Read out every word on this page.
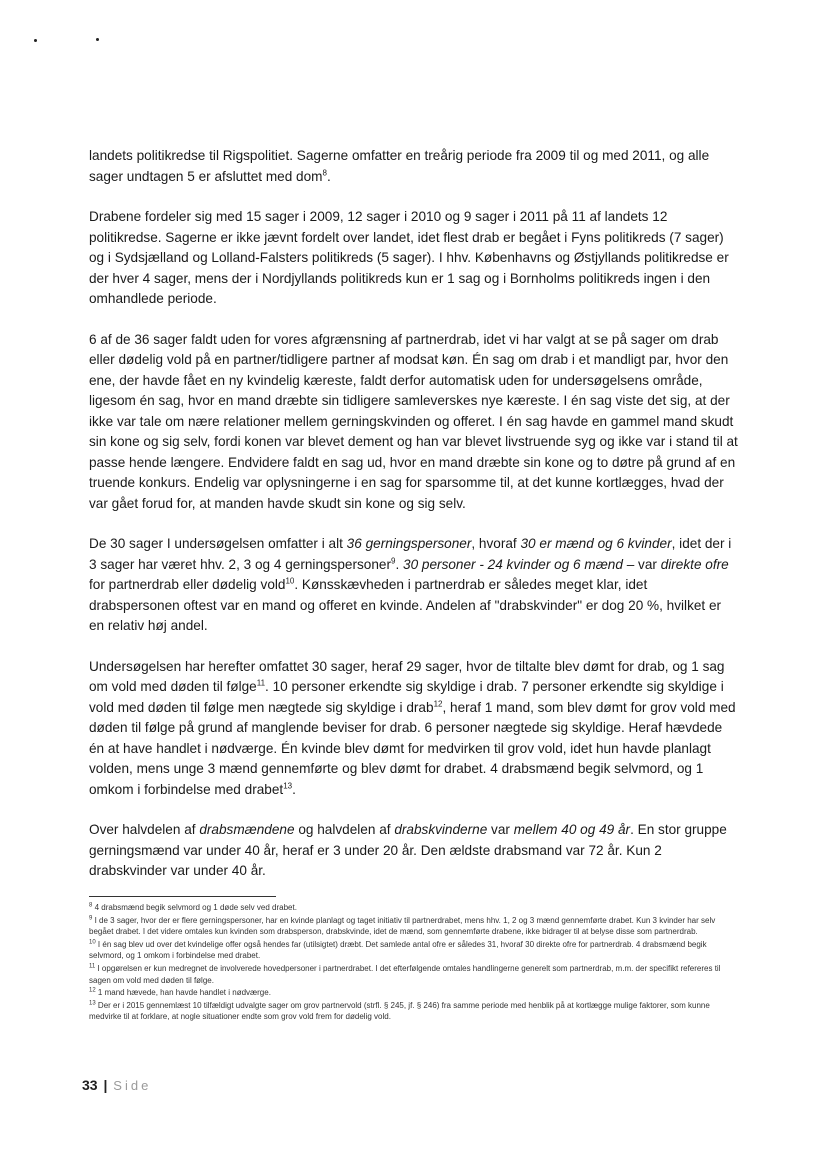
landets politikredse til Rigspolitiet. Sagerne omfatter en treårig periode fra 2009 til og med 2011, og alle sager undtagen 5 er afsluttet med dom$^8$.

Drabene fordeler sig med 15 sager i 2009, 12 sager i 2010 og 9 sager i 2011 på 11 af landets 12 politikredse. Sagerne er ikke jævnt fordelt over landet, idet flest drab er begået i Fyns politikreds (7 sager) og i Sydsjælland og Lolland-Falsters politikreds (5 sager). I hhv. Københavns og Østjyllands politikredse er der hver 4 sager, mens der i Nordjyllands politikreds kun er 1 sag og i Bornholms politikreds ingen i den omhandlede periode.

6 af de 36 sager faldt uden for vores afgrænsning af partnerdrab, idet vi har valgt at se på sager om drab eller dødelig vold på en partner/tidligere partner af modsat køn. Én sag om drab i et mandligt par, hvor den ene, der havde fået en ny kvindelig kæreste, faldt derfor automatisk uden for undersøgelsens område, ligesom én sag, hvor en mand dræbte sin tidligere samleverskes nye kæreste. I én sag viste det sig, at der ikke var tale om nære relationer mellem gerningskvinden og offeret. I én sag havde en gammel mand skudt sin kone og sig selv, fordi konen var blevet dement og han var blevet livstruende syg og ikke var i stand til at passe hende længere. Endvidere faldt en sag ud, hvor en mand dræbte sin kone og to døtre på grund af en truende konkurs. Endelig var oplysningerne i en sag for sparsomme til, at det kunne kortlægges, hvad der var gået forud for, at manden havde skudt sin kone og sig selv.

De 30 sager I undersøgelsen omfatter i alt 36 gerningspersoner, hvoraf 30 er mænd og 6 kvinder, idet der i 3 sager har været hhv. 2, 3 og 4 gerningspersoner$^9$. 30 personer - 24 kvinder og 6 mænd – var direkte ofre for partnerdrab eller dødelig vold$^{10}$. Kønsskævheden i partnerdrab er således meget klar, idet drabspersonen oftest var en mand og offeret en kvinde. Andelen af "drabskvinder" er dog 20 %, hvilket er en relativ høj andel.

Undersøgelsen har herefter omfattet 30 sager, heraf 29 sager, hvor de tiltalte blev dømt for drab, og 1 sag om vold med døden til følge$^{11}$. 10 personer erkendte sig skyldige i drab. 7 personer erkendte sig skyldige i vold med døden til følge men nægtede sig skyldige i drab$^{12}$, heraf 1 mand, som blev dømt for grov vold med døden til følge på grund af manglende beviser for drab. 6 personer nægtede sig skyldige. Heraf hævdede én at have handlet i nødværge. Én kvinde blev dømt for medvirken til grov vold, idet hun havde planlagt volden, mens unge 3 mænd gennemførte og blev dømt for drabet. 4 drabsmænd begik selvmord, og 1 omkom i forbindelse med drabet$^{13}$.

Over halvdelen af drabsmændene og halvdelen af drabskvinderne var mellem 40 og 49 år. En stor gruppe gerningsmænd var under 40 år, heraf er 3 under 20 år. Den ældste drabsmand var 72 år. Kun 2 drabskvinder var under 40 år.

$^8$ 4 drabsmænd begik selvmord og 1 døde selv ved drabet.
$^9$ I de 3 sager, hvor der er flere gerningspersoner, har en kvinde planlagt og taget initiativ til partnerdrabet, mens hhv. 1, 2 og 3 mænd gennemførte drabet. Kun 3 kvinder har selv begået drabet. I det videre omtales kun kvinden som drabsperson, drabskvinde, idet de mænd, som gennemførte drabene, ikke bidrager til at belyse disse som partnerdrab.
$^{10}$ I én sag blev ud over det kvindelige offer også hendes far (utilsigtet) dræbt. Det samlede antal ofre er således 31, hvoraf 30 direkte ofre for partnerdrab. 4 drabsmænd begik selvmord, og 1 omkom i forbindelse med drabet.
$^{11}$ I opgørelsen er kun medregnet de involverede hovedpersoner i partnerdrabet. I det efterfølgende omtales handlingerne generelt som partnerdrab, m.m. der specifikt refereres til sagen om vold med døden til følge.
$^{12}$ 1 mand hævede, han havde handlet i nødværge.
$^{13}$ Der er i 2015 gennemlæst 10 tilfældigt udvalgte sager om grov partnervold (strfl. § 245, jf. § 246) fra samme periode med henblik på at kortlægge mulige faktorer, som kunne medvirke til at forklare, at nogle situationer endte som grov vold frem for dødelig vold.
33 | Side
